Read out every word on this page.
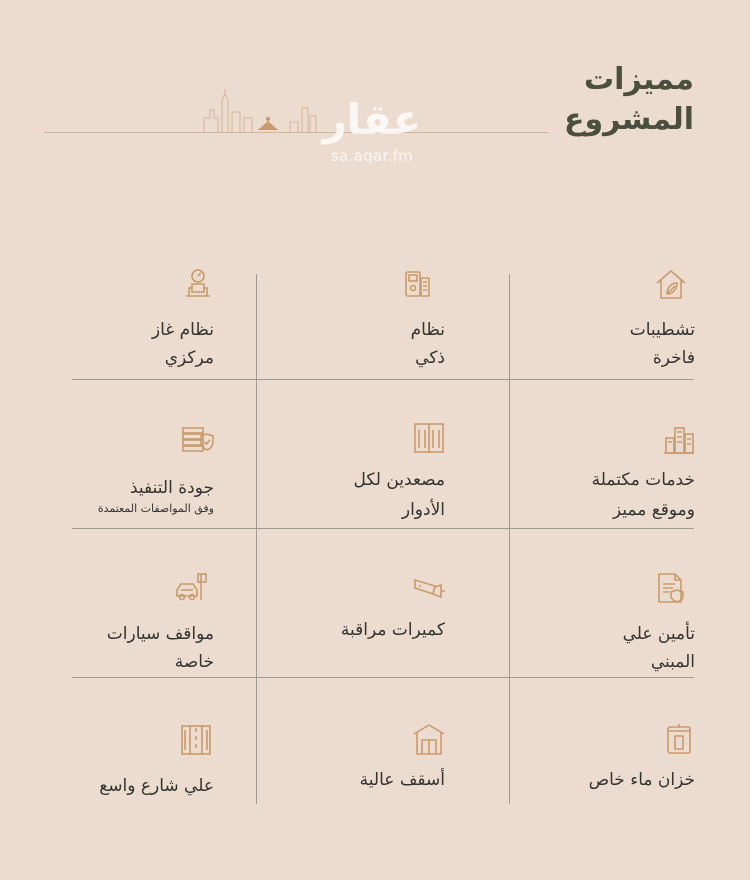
مميزات
المشروع
عقار
sa.aqar.fm
تشطيبات
فاخرة
نظام
ذكي
نظام غاز
مركزي
خدمات مكتملة
وموقع مميز
مصعدين لكل
الأدوار
جودة التنفيذ
وفق المواصفات المعتمدة
تأمين علي
المبني
كميرات مراقبة
مواقف سيارات
خاصة
خزان ماء خاص
أسقف عالية
علي شارع واسع
